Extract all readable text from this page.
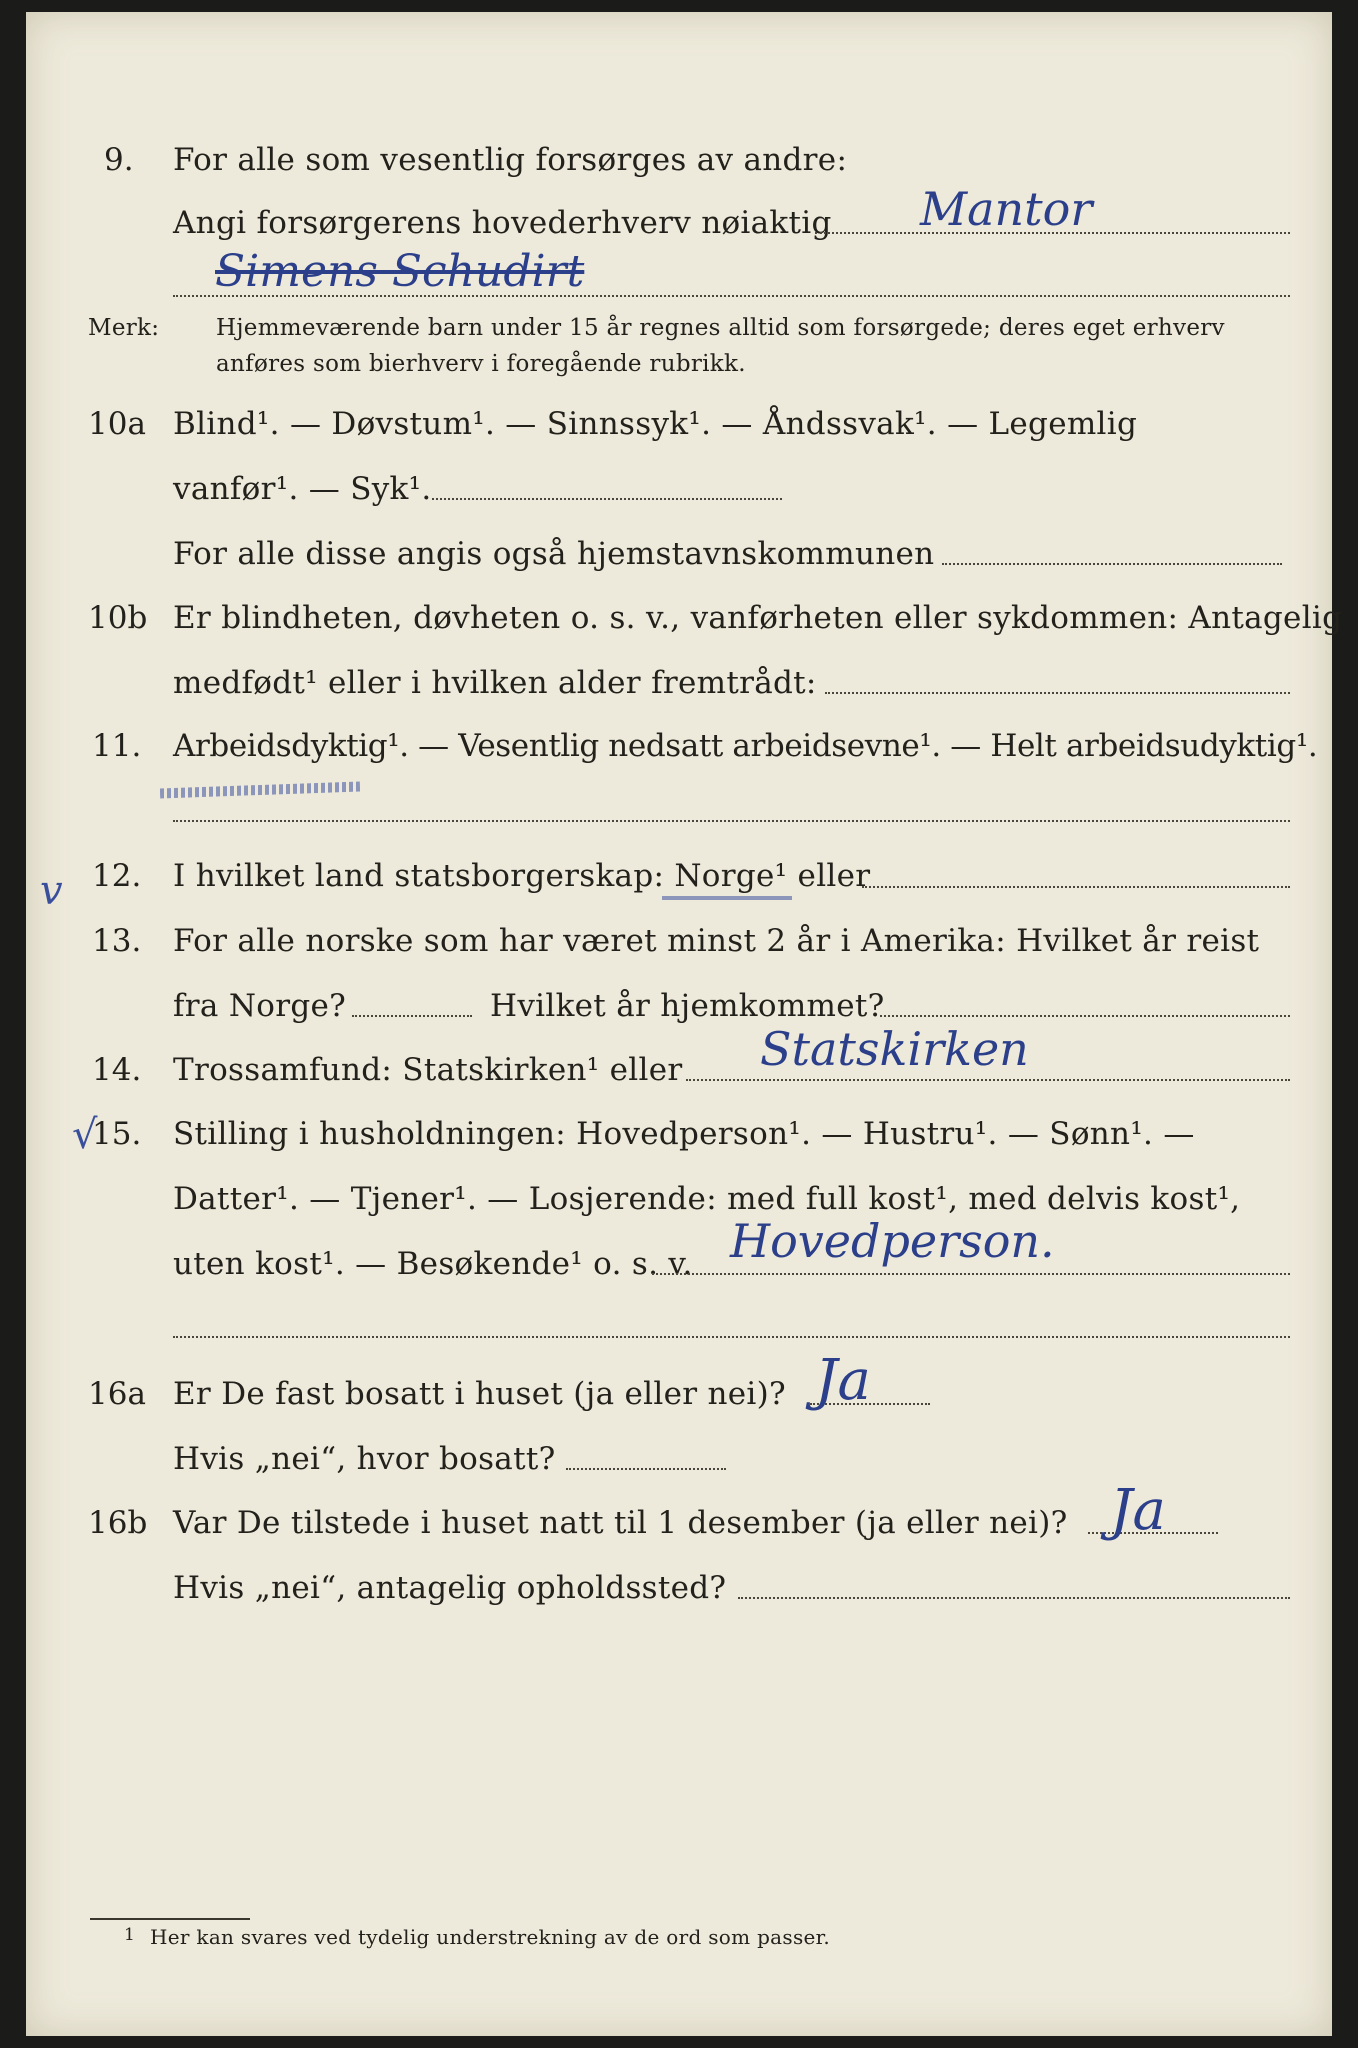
9. For alle som vesentlig forsørges av andre:
Angi forsørgerens hovederhverv nøiaktig Mantor
Simens Schudirt
Merk: Hjemmeværende barn under 15 år regnes alltid som forsørgede; deres eget erhverv
anføres som bierhverv i foregående rubrikk.
10a Blind¹. — Døvstum¹. — Sinnssyk¹. — Åndssvak¹. — Legemlig
vanfør¹. — Syk¹.
For alle disse angis også hjemstavnskommunen
10b Er blindheten, døvheten o. s. v., vanførheten eller sykdommen: Antagelig
medfødt¹ eller i hvilken alder fremtrådt:
11. Arbeidsdyktig¹. — Vesentlig nedsatt arbeidsevne¹. — Helt arbeidsudyktig¹.
v 12. I hvilket land statsborgerskap: Norge¹ eller
13. For alle norske som har været minst 2 år i Amerika: Hvilket år reist
fra Norge?	Hvilket år hjemkommet?
14. Trossamfund: Statskirken¹ eller Statskirken
√
15. Stilling i husholdningen: Hovedperson¹. — Hustru¹. — Sønn¹. —
Datter¹. — Tjener¹. — Losjerende: med full kost¹, med delvis kost¹,
uten kost¹. — Besøkende¹ o. s. v. Hovedperson.
16a Er De fast bosatt i huset (ja eller nei)? Ja
Hvis „nei“, hvor bosatt?
16b Var De tilstede i huset natt til 1 desember (ja eller nei)? Ja
Hvis „nei“, antagelig opholdssted?
1 Her kan svares ved tydelig understrekning av de ord som passer.
